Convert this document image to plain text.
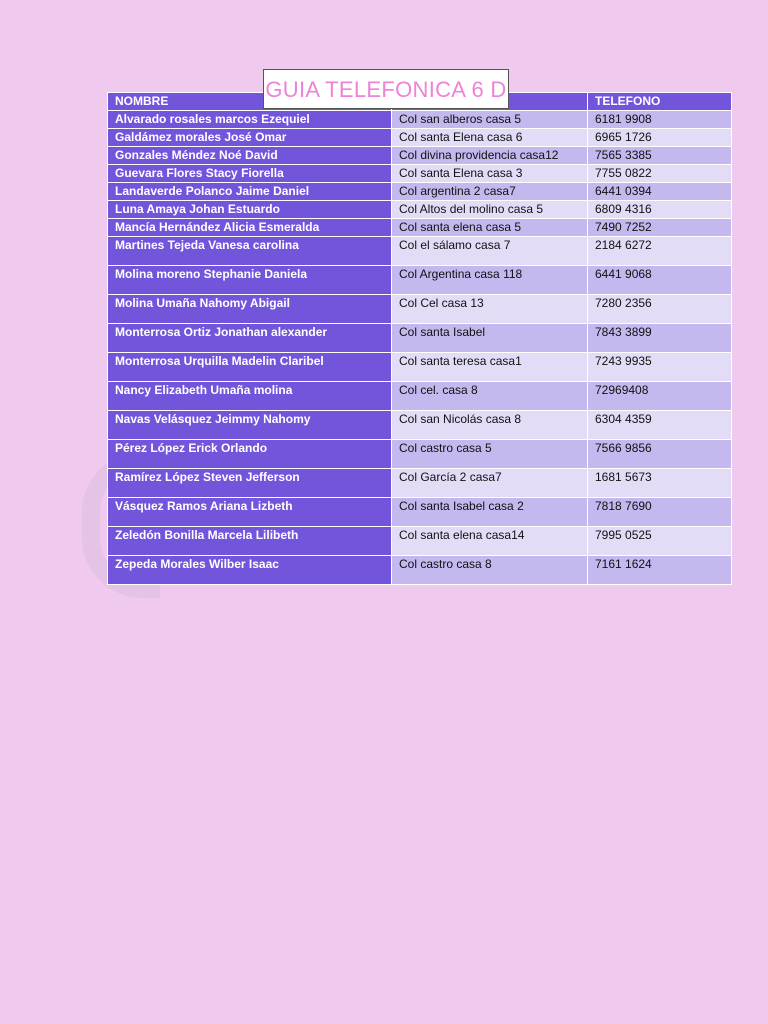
NOMBRE		TELEFONO
Alvarado rosales marcos Ezequiel	Col san alberos casa 5	6181 9908
Galdámez morales José Omar	Col santa Elena casa 6	6965 1726
Gonzales Méndez Noé David	Col divina providencia casa12	7565 3385
Guevara Flores Stacy Fiorella	Col santa Elena casa 3	7755 0822
Landaverde Polanco Jaime Daniel	Col argentina 2 casa7	6441 0394
Luna Amaya Johan Estuardo	Col Altos del molino casa 5	6809 4316
Mancía Hernández Alicia Esmeralda	Col santa elena casa 5	7490 7252
Martines Tejeda Vanesa carolina	Col el sálamo casa 7	2184 6272
Molina moreno Stephanie Daniela	Col Argentina casa 118	6441 9068
Molina Umaña Nahomy Abigail	Col Cel casa 13	7280 2356
Monterrosa Ortiz Jonathan alexander	Col santa Isabel	7843 3899
Monterrosa Urquilla Madelin Claribel	Col santa teresa casa1	7243 9935
Nancy Elizabeth Umaña molina	Col cel. casa 8	72969408
Navas Velásquez Jeimmy Nahomy	Col san Nicolás casa 8	6304 4359
Pérez López Erick Orlando	Col castro casa 5	7566 9856
Ramírez López Steven Jefferson	Col García 2 casa7	1681 5673
Vásquez Ramos Ariana Lizbeth	Col santa Isabel casa 2	7818 7690
Zeledón Bonilla Marcela Lilibeth	Col santa elena casa14	7995 0525
Zepeda Morales Wilber Isaac	Col castro casa 8	7161 1624
GUIA TELEFONICA 6 D
